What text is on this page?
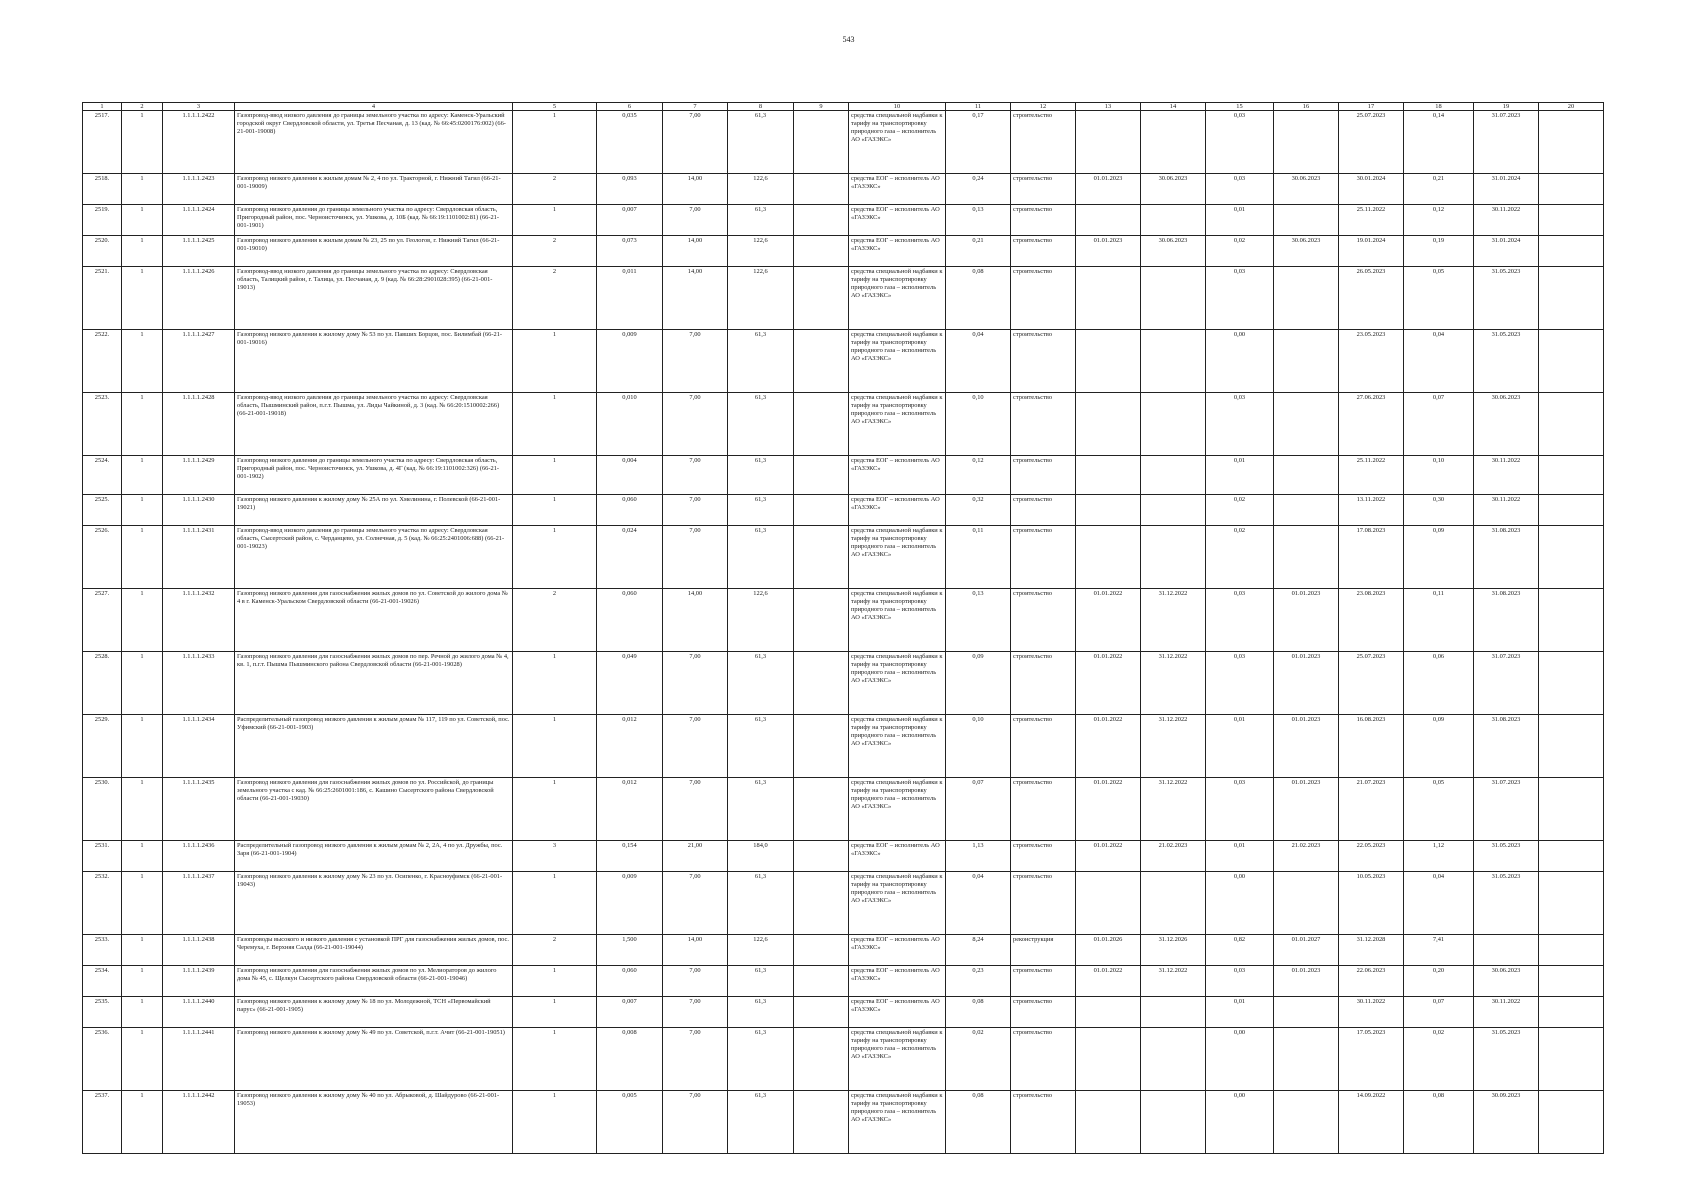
543
1	2	3	4	5	6	7	8	9	10	11	12	13	14	15	16	17	18	19	20
2517.	1	1.1.1.1.2422	Газопровод-ввод низкого давления до границы земельного участка по адресу: Каменск-Уральский городской округ Свердловской области, ул. Третья Песчаная, д. 13 (кад. № 66:45:0200176:002) (66-21-001-19008)	1	0,035	7,00	61,3		средства специальной надбавки к тарифу на транспортировку природного газа – исполнитель АО «ГАЗЭКС»	0,17	строительство			0,03		25.07.2023	0,14	31.07.2023	
2518.	1	1.1.1.1.2423	Газопровод низкого давления к жилым домам № 2, 4 по ул. Тракторной, г. Нижний Тагил (66-21-001-19009)	2	0,093	14,00	122,6		средства ЕОГ – исполнитель АО «ГАЗЭКС»	0,24	строительство	01.01.2023	30.06.2023	0,03	30.06.2023	30.01.2024	0,21	31.01.2024	
2519.	1	1.1.1.1.2424	Газопровод низкого давления до границы земельного участка по адресу: Свердловская область, Пригородный район, пос. Черноисточинск, ул. Ушкова, д. 10Б (кад. № 66:19:1101002:81) (66-21-001-1901)	1	0,007	7,00	61,3		средства ЕОГ – исполнитель АО «ГАЗЭКС»	0,13	строительство			0,01		25.11.2022	0,12	30.11.2022	
2520.	1	1.1.1.1.2425	Газопровод низкого давления к жилым домам № 23, 25 по ул. Геологов, г. Нижний Тагил (66-21-001-19010)	2	0,073	14,00	122,6		средства ЕОГ – исполнитель АО «ГАЗЭКС»	0,21	строительство	01.01.2023	30.06.2023	0,02	30.06.2023	19.01.2024	0,19	31.01.2024	
2521.	1	1.1.1.1.2426	Газопровод-ввод низкого давления до границы земельного участка по адресу: Свердловская область, Талицкий район, г. Талица, ул. Песчаная, д. 9 (кад. № 66:28:2901028:395) (66-21-001-19013)	2	0,011	14,00	122,6		средства специальной надбавки к тарифу на транспортировку природного газа – исполнитель АО «ГАЗЭКС»	0,08	строительство			0,03		26.05.2023	0,05	31.05.2023	
2522.	1	1.1.1.1.2427	Газопровод низкого давления к жилому дому № 53 по ул. Павших Борцов, пос. Билимбай (66-21-001-19016)	1	0,009	7,00	61,3		средства специальной надбавки к тарифу на транспортировку природного газа – исполнитель АО «ГАЗЭКС»	0,04	строительство			0,00		23.05.2023	0,04	31.05.2023	
2523.	1	1.1.1.1.2428	Газопровод-ввод низкого давления до границы земельного участка по адресу: Свердловская область, Пышминский район, п.г.т. Пышма, ул. Лиды Чайкиной, д. 3 (кад. № 66:20:1510002:266) (66-21-001-19018)	1	0,010	7,00	61,3		средства специальной надбавки к тарифу на транспортировку природного газа – исполнитель АО «ГАЗЭКС»	0,10	строительство			0,03		27.06.2023	0,07	30.06.2023	
2524.	1	1.1.1.1.2429	Газопровод низкого давления до границы земельного участка по адресу: Свердловская область, Пригородный район, пос. Черноисточинск, ул. Ушкова, д. 4Г (кад. № 66:19:1101002:326) (66-21-001-1902)	1	0,004	7,00	61,3		средства ЕОГ – исполнитель АО «ГАЗЭКС»	0,12	строительство			0,01		25.11.2022	0,10	30.11.2022	
2525.	1	1.1.1.1.2430	Газопровод низкого давления к жилому дому № 25А по ул. Хмелинина, г. Полевской (66-21-001-19021)	1	0,060	7,00	61,3		средства ЕОГ – исполнитель АО «ГАЗЭКС»	0,32	строительство			0,02		13.11.2022	0,30	30.11.2022	
2526.	1	1.1.1.1.2431	Газопровод-ввод низкого давления до границы земельного участка по адресу: Свердловская область, Сысертский район, с. Черданцево, ул. Солнечная, д. 5 (кад. № 66:25:2401006:688) (66-21-001-19023)	1	0,024	7,00	61,3		средства специальной надбавки к тарифу на транспортировку природного газа – исполнитель АО «ГАЗЭКС»	0,11	строительство			0,02		17.08.2023	0,09	31.08.2023	
2527.	1	1.1.1.1.2432	Газопровод низкого давления для газоснабжения жилых домов по ул. Советской до жилого дома № 4 в г. Каменск-Уральском Свердловской области (66-21-001-19026)	2	0,060	14,00	122,6		средства специальной надбавки к тарифу на транспортировку природного газа – исполнитель АО «ГАЗЭКС»	0,13	строительство	01.01.2022	31.12.2022	0,03	01.01.2023	23.08.2023	0,11	31.08.2023	
2528.	1	1.1.1.1.2433	Газопровод низкого давления для газоснабжения жилых домов по пер. Речной до жилого дома № 4, кв. 1, п.г.т. Пышма Пышминского района Свердловской области (66-21-001-19028)	1	0,049	7,00	61,3		средства специальной надбавки к тарифу на транспортировку природного газа – исполнитель АО «ГАЗЭКС»	0,09	строительство	01.01.2022	31.12.2022	0,03	01.01.2023	25.07.2023	0,06	31.07.2023	
2529.	1	1.1.1.1.2434	Распределительный газопровод низкого давления к жилым домам № 117, 119 по ул. Советской, пос. Уфимский (66-21-001-1903)	1	0,012	7,00	61,3		средства специальной надбавки к тарифу на транспортировку природного газа – исполнитель АО «ГАЗЭКС»	0,10	строительство	01.01.2022	31.12.2022	0,01	01.01.2023	16.08.2023	0,09	31.08.2023	
2530.	1	1.1.1.1.2435	Газопровод низкого давления для газоснабжения жилых домов по ул. Российской, до границы земельного участка с кад. № 66:25:2601001:186, с. Кашино Сысертского района Свердловской области (66-21-001-19030)	1	0,012	7,00	61,3		средства специальной надбавки к тарифу на транспортировку природного газа – исполнитель АО «ГАЗЭКС»	0,07	строительство	01.01.2022	31.12.2022	0,03	01.01.2023	21.07.2023	0,05	31.07.2023	
2531.	1	1.1.1.1.2436	Распределительный газопровод низкого давления к жилым домам № 2, 2А, 4 по ул. Дружбы, пос. Заря (66-21-001-1904)	3	0,154	21,00	184,0		средства ЕОГ – исполнитель АО «ГАЗЭКС»	1,13	строительство	01.01.2022	21.02.2023	0,01	21.02.2023	22.05.2023	1,12	31.05.2023	
2532.	1	1.1.1.1.2437	Газопровод низкого давления к жилому дому № 23 по ул. Осипенко, г. Красноуфимск (66-21-001-19043)	1	0,009	7,00	61,3		средства специальной надбавки к тарифу на транспортировку природного газа – исполнитель АО «ГАЗЭКС»	0,04	строительство			0,00		10.05.2023	0,04	31.05.2023	
2533.	1	1.1.1.1.2438	Газопроводы высокого и низкого давления с установкой ПРГ для газоснабжения жилых домов, пос. Черемуха, г. Верхняя Салда (66-21-001-19044)	2	1,500	14,00	122,6		средства ЕОГ – исполнитель АО «ГАЗЭКС»	8,24	реконструкция	01.01.2026	31.12.2026	0,82	01.01.2027	31.12.2028	7,41		
2534.	1	1.1.1.1.2439	Газопровод низкого давления для газоснабжения жилых домов по ул. Мелиораторов до жилого дома № 45, с. Щелкун Сысертского района Свердловской области (66-21-001-19046)	1	0,060	7,00	61,3		средства ЕОГ – исполнитель АО «ГАЗЭКС»	0,23	строительство	01.01.2022	31.12.2022	0,03	01.01.2023	22.06.2023	0,20	30.06.2023	
2535.	1	1.1.1.1.2440	Газопровод низкого давления к жилому дому № 18 по ул. Молодежной, ТСН «Первомайский парус» (66-21-001-1905)	1	0,007	7,00	61,3		средства ЕОГ – исполнитель АО «ГАЗЭКС»	0,08	строительство			0,01		30.11.2022	0,07	30.11.2022	
2536.	1	1.1.1.1.2441	Газопровод низкого давления к жилому дому № 49 по ул. Советской, п.г.т. Ачит (66-21-001-19051)	1	0,008	7,00	61,3		средства специальной надбавки к тарифу на транспортировку природного газа – исполнитель АО «ГАЗЭКС»	0,02	строительство			0,00		17.05.2023	0,02	31.05.2023	
2537.	1	1.1.1.1.2442	Газопровод низкого давления к жилому дому № 40 по ул. Абрыковой, д. Шайдурово (66-21-001-19053)	1	0,005	7,00	61,3		средства специальной надбавки к тарифу на транспортировку природного газа – исполнитель АО «ГАЗЭКС»	0,08	строительство			0,00		14.09.2022	0,08	30.09.2023	
